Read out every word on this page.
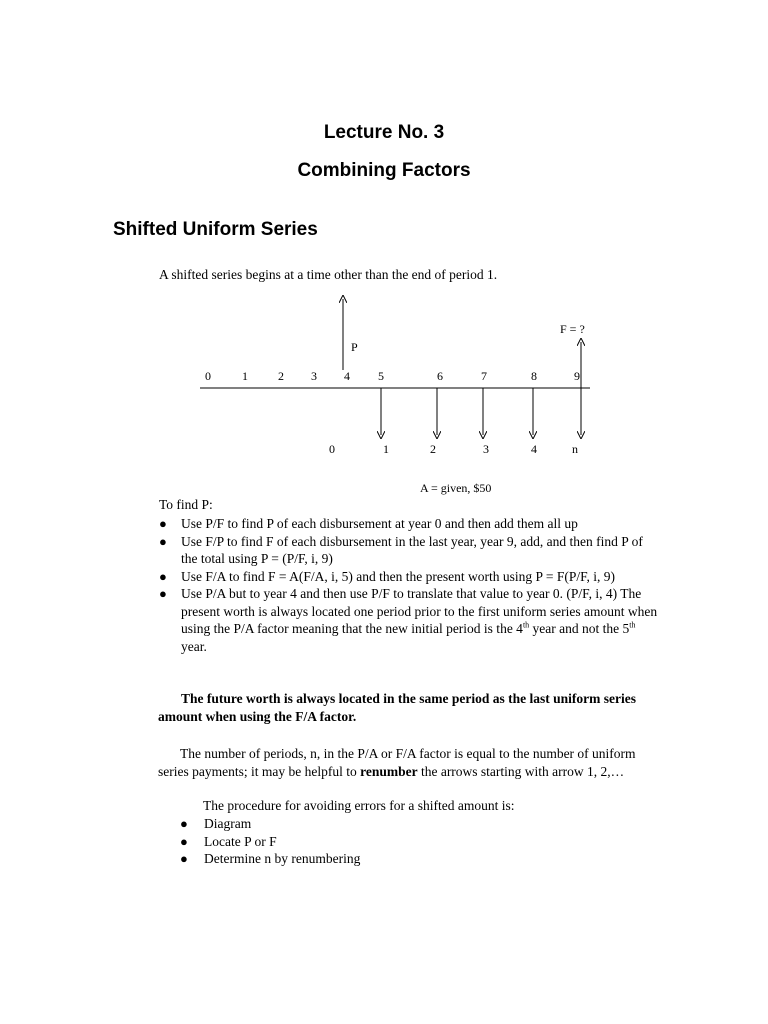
Lecture No. 3
Combining Factors
Shifted Uniform Series
A shifted series begins at a time other than the end of period 1.
0	1	2 3 4 5	6	7	8	9
0	1	2	3	4	n
P
F = ?
A = given, $50
To find P:
● Use P/F to find P of each disbursement at year 0 and then add them all up
● Use F/P to find F of each disbursement in the last year, year 9, add, and then find P of the total using P = (P/F, i, 9)
● Use F/A to find F = A(F/A, i, 5) and then the present worth using P = F(P/F, i, 9)
● Use P/A but to year 4 and then use P/F to translate that value to year 0. (P/F, i, 4) The present worth is always located one period prior to the first uniform series amount when using the P/A factor meaning that the new initial period is the 4th year and not the 5th year.
The future worth is always located in the same period as the last uniform series amount when using the F/A factor.
The number of periods, n, in the P/A or F/A factor is equal to the number of uniform series payments; it may be helpful to renumber the arrows starting with arrow 1, 2,…
The procedure for avoiding errors for a shifted amount is:
● Diagram
● Locate P or F
● Determine n by renumbering
